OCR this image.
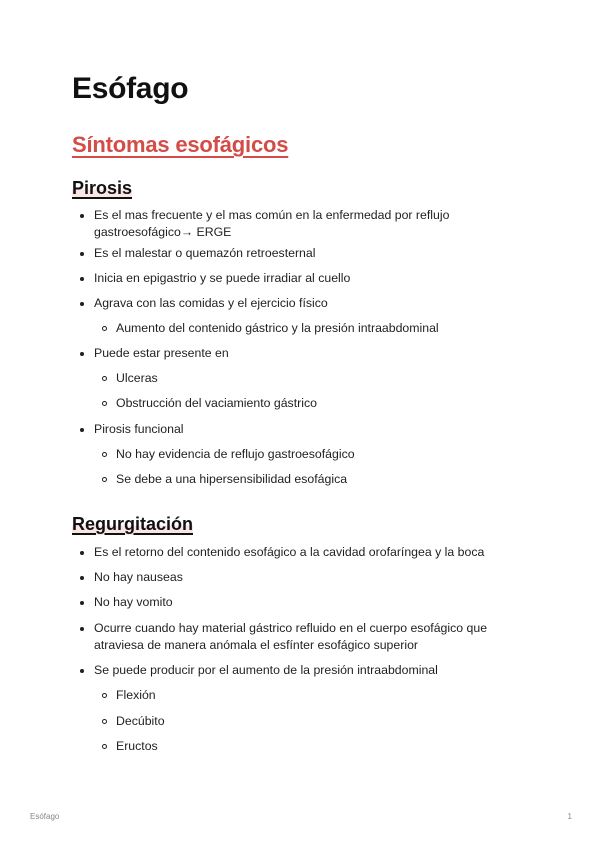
Esófago
Síntomas esofágicos
Pirosis
Es el mas frecuente y el mas común en la enfermedad por reflujo gastroesofágico→ ERGE
Es el malestar o quemazón retroesternal
Inicia en epigastrio y se puede irradiar al cuello
Agrava con las comidas y el ejercicio físico
Aumento del contenido gástrico y la presión intraabdominal
Puede estar presente en
Ulceras
Obstrucción del vaciamiento gástrico
Pirosis funcional
No hay evidencia de reflujo gastroesofágico
Se debe a una hipersensibilidad esofágica
Regurgitación
Es el retorno del contenido esofágico a la cavidad orofaríngea y la boca
No hay nauseas
No hay vomito
Ocurre cuando hay material gástrico refluido en el cuerpo esofágico que atraviesa de manera anómala el esfínter esofágico superior
Se puede producir por el aumento de la presión intraabdominal
Flexión
Decúbito
Eructos
Esófago	1
